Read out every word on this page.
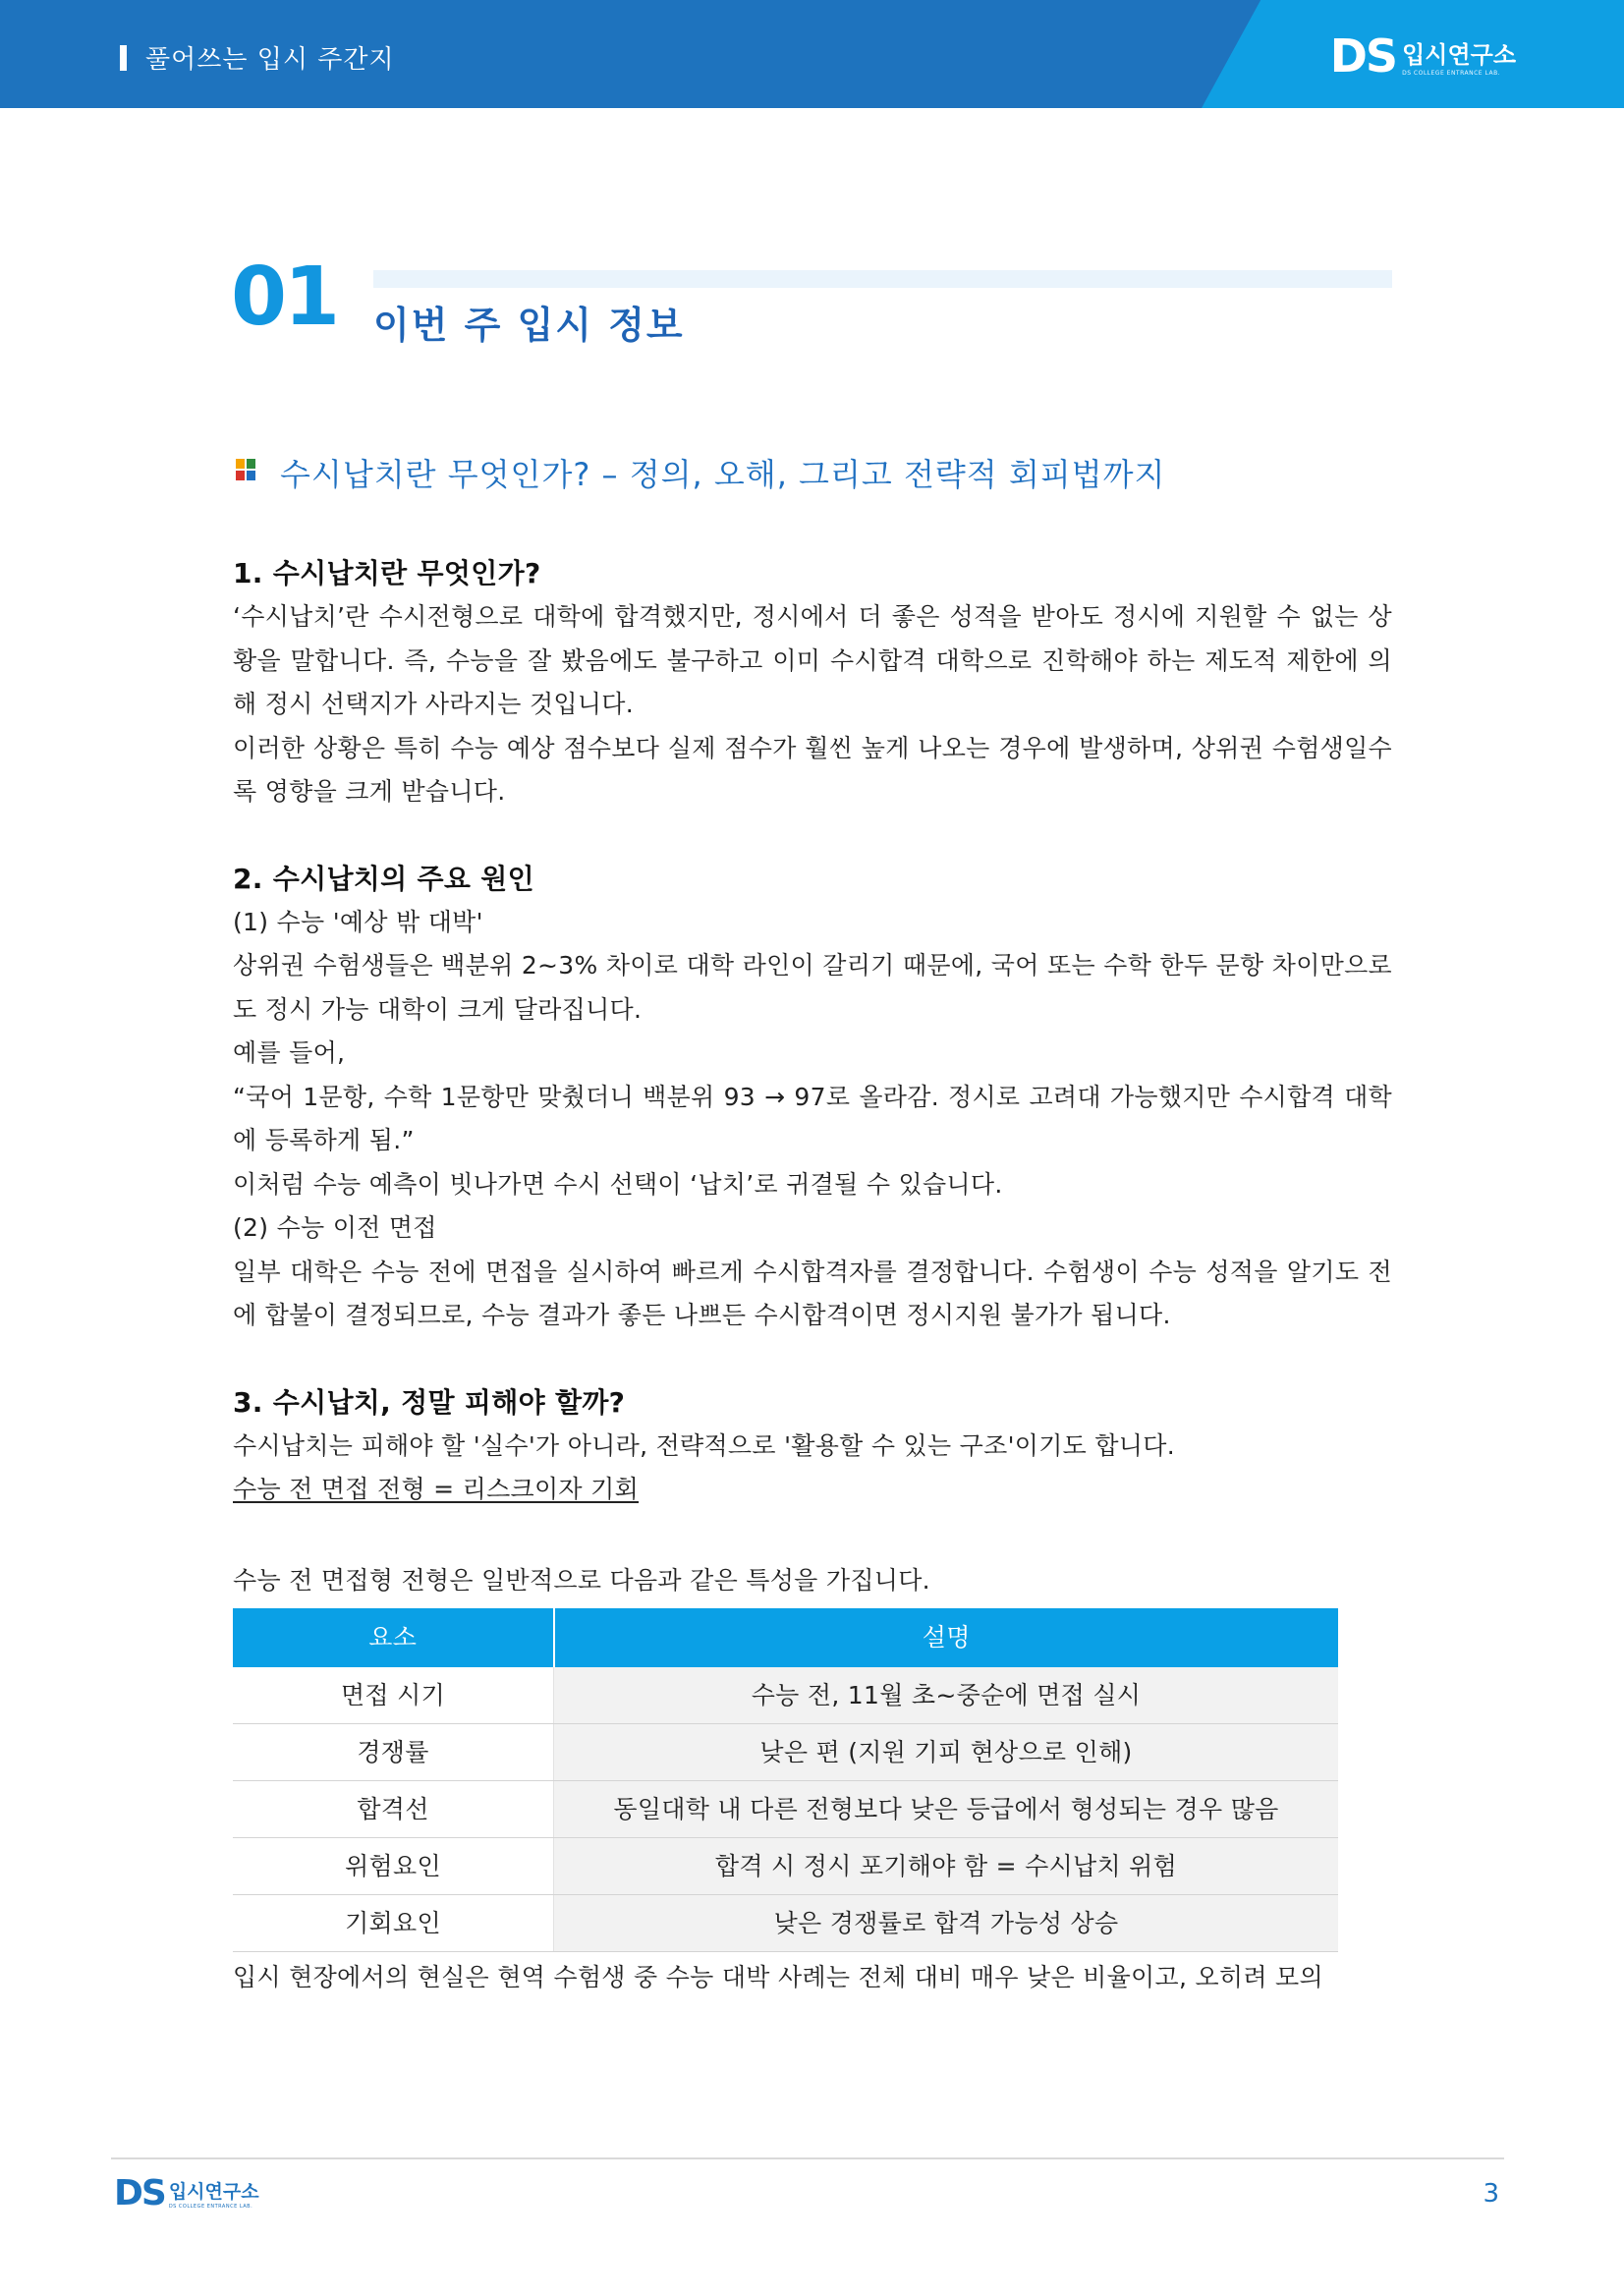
풀어쓰는 입시 주간지	DS 입시연구소
DS COLLEGE ENTRANCE LAB.
01 이번 주 입시 정보
수시납치란 무엇인가? – 정의, 오해, 그리고 전략적 회피법까지
1. 수시납치란 무엇인가?

‘수시납치’란 수시전형으로 대학에 합격했지만, 정시에서 더 좋은 성적을 받아도 정시에 지원할 수 없는 상황을 말합니다. 즉, 수능을 잘 봤음에도 불구하고 이미 수시합격 대학으로 진학해야 하는 제도적 제한에 의해 정시 선택지가 사라지는 것입니다.

이러한 상황은 특히 수능 예상 점수보다 실제 점수가 훨씬 높게 나오는 경우에 발생하며, 상위권 수험생일수록 영향을 크게 받습니다.

2. 수시납치의 주요 원인

(1) 수능 '예상 밖 대박'

상위권 수험생들은 백분위 2~3% 차이로 대학 라인이 갈리기 때문에, 국어 또는 수학 한두 문항 차이만으로도 정시 가능 대학이 크게 달라집니다.

예를 들어,

“국어 1문항, 수학 1문항만 맞췄더니 백분위 93 → 97로 올라감. 정시로 고려대 가능했지만 수시합격 대학에 등록하게 됨.”

이처럼 수능 예측이 빗나가면 수시 선택이 ‘납치’로 귀결될 수 있습니다.

(2) 수능 이전 면접

일부 대학은 수능 전에 면접을 실시하여 빠르게 수시합격자를 결정합니다. 수험생이 수능 성적을 알기도 전에 합불이 결정되므로, 수능 결과가 좋든 나쁘든 수시합격이면 정시지원 불가가 됩니다.

3. 수시납치, 정말 피해야 할까?

수시납치는 피해야 할 '실수'가 아니라, 전략적으로 '활용할 수 있는 구조'이기도 합니다.

수능 전 면접 전형 = 리스크이자 기회

수능 전 면접형 전형은 일반적으로 다음과 같은 특성을 가집니다.

요소	설명
면접 시기	수능 전, 11월 초~중순에 면접 실시
경쟁률	낮은 편 (지원 기피 현상으로 인해)
합격선	동일대학 내 다른 전형보다 낮은 등급에서 형성되는 경우 많음
위험요인	합격 시 정시 포기해야 함 = 수시납치 위험
기회요인	낮은 경쟁률로 합격 가능성 상승

입시 현장에서의 현실은 현역 수험생 중 수능 대박 사례는 전체 대비 매우 낮은 비율이고, 오히려 모의

DS 입시연구소
DS COLLEGE ENTRANCE LAB.	3
